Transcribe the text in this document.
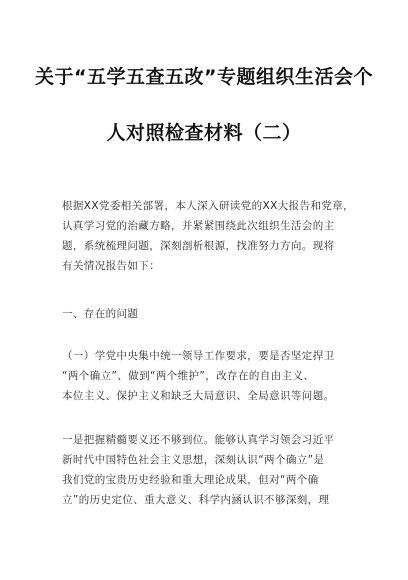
关于“五学五查五改”专题组织生活会个
人对照检查材料（二）
根据XX党委相关部署，本人深入研读党的XX大报告和党章，
认真学习党的治藏方略，并紧紧围绕此次组织生活会的主
题，系统梳理问题，深刻剖析根源，找准努力方向。现将
有关情况报告如下：
一、存在的问题
（一）学党中央集中统一领导工作要求，要是否坚定捍卫
“两个确立”、做到“两个维护”，改存在的自由主义、
本位主义、保护主义和缺乏大局意识、全局意识等问题。
一是把握精髓要义还不够到位。能够认真学习领会习近平
新时代中国特色社会主义思想，深刻认识“两个确立”是
我们党的宝贵历史经验和重大理论成果，但对“两个确
立”的历史定位、重大意义、科学内涵认识不够深刻，理
